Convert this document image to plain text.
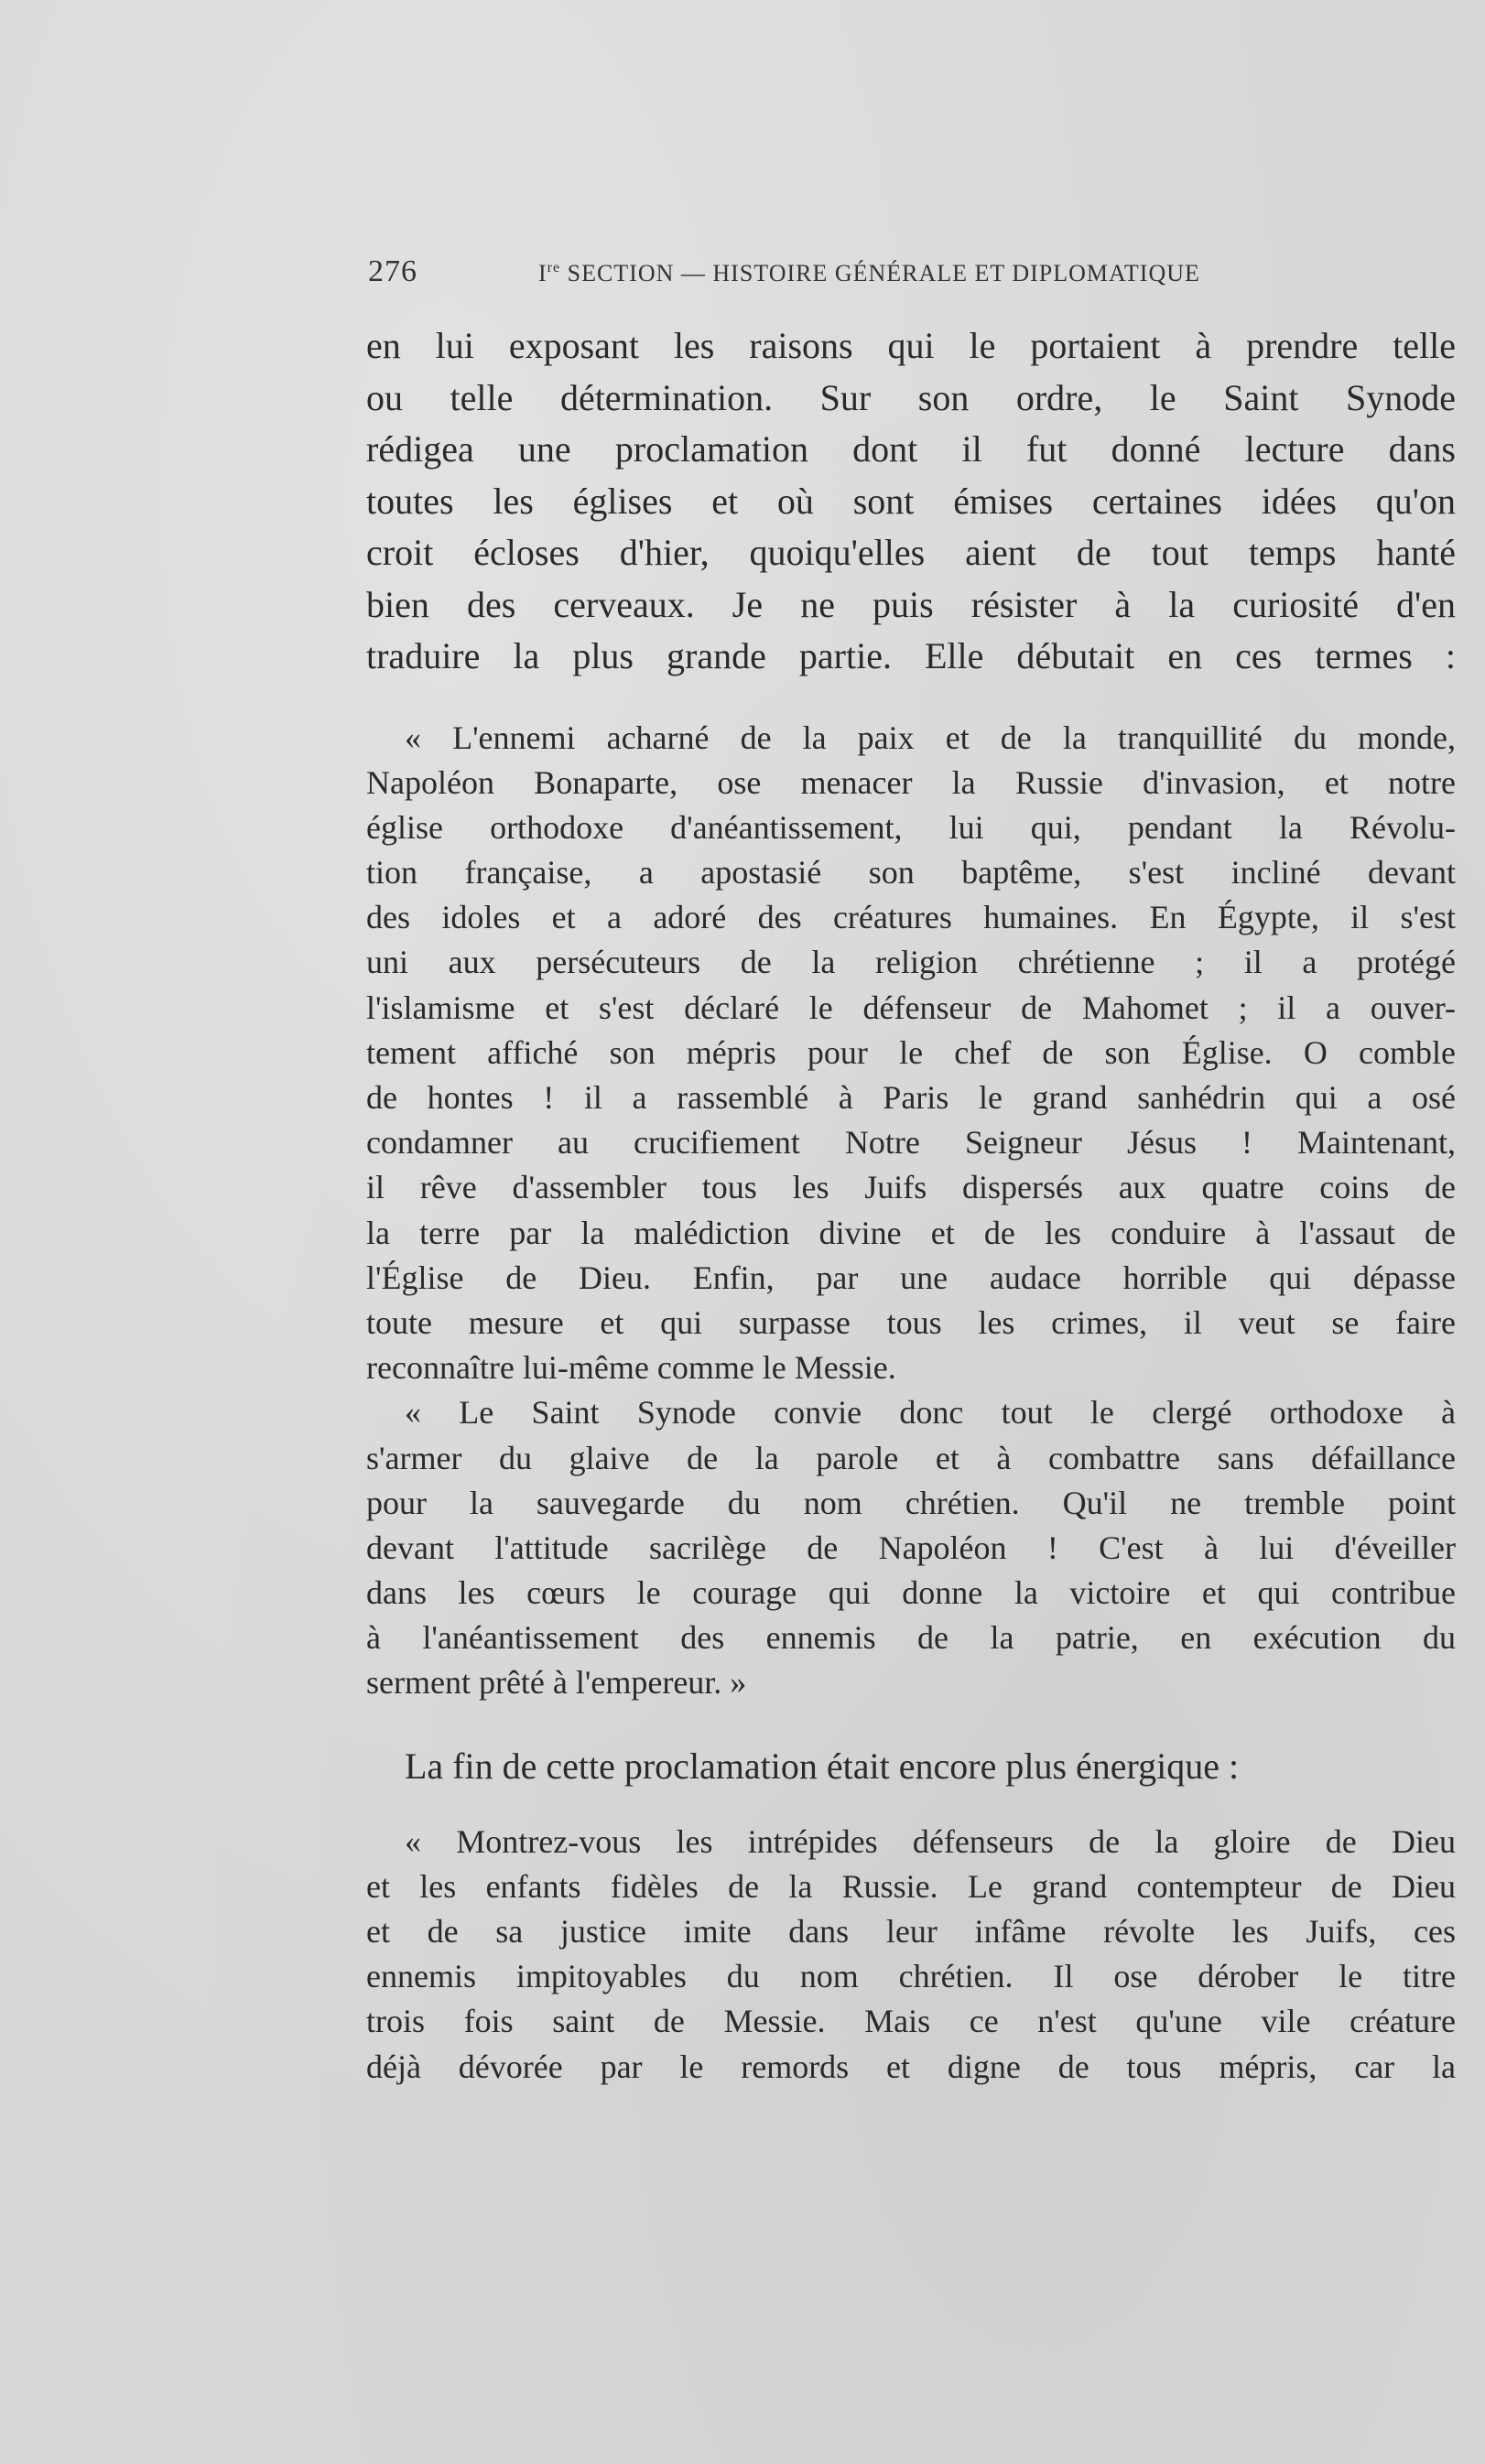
276	Ire SECTION — HISTOIRE GÉNÉRALE ET DIPLOMATIQUE
en lui exposant les raisons qui le portaient à prendre telle
ou telle détermination. Sur son ordre, le Saint Synode
rédigea une proclamation dont il fut donné lecture dans
toutes les églises et où sont émises certaines idées qu'on
croit écloses d'hier, quoiqu'elles aient de tout temps hanté
bien des cerveaux. Je ne puis résister à la curiosité d'en
traduire la plus grande partie. Elle débutait en ces termes :
« L'ennemi acharné de la paix et de la tranquillité du monde,
Napoléon Bonaparte, ose menacer la Russie d'invasion, et notre
église orthodoxe d'anéantissement, lui qui, pendant la Révolu-
tion française, a apostasié son baptême, s'est incliné devant
des idoles et a adoré des créatures humaines. En Égypte, il s'est
uni aux persécuteurs de la religion chrétienne ; il a protégé
l'islamisme et s'est déclaré le défenseur de Mahomet ; il a ouver-
tement affiché son mépris pour le chef de son Église. O comble
de hontes ! il a rassemblé à Paris le grand sanhédrin qui a osé
condamner au crucifiement Notre Seigneur Jésus ! Maintenant,
il rêve d'assembler tous les Juifs dispersés aux quatre coins de
la terre par la malédiction divine et de les conduire à l'assaut de
l'Église de Dieu. Enfin, par une audace horrible qui dépasse
toute mesure et qui surpasse tous les crimes, il veut se faire
reconnaître lui-même comme le Messie.
« Le Saint Synode convie donc tout le clergé orthodoxe à
s'armer du glaive de la parole et à combattre sans défaillance
pour la sauvegarde du nom chrétien. Qu'il ne tremble point
devant l'attitude sacrilège de Napoléon ! C'est à lui d'éveiller
dans les cœurs le courage qui donne la victoire et qui contribue
à l'anéantissement des ennemis de la patrie, en exécution du
serment prêté à l'empereur. »
La fin de cette proclamation était encore plus énergique :
« Montrez-vous les intrépides défenseurs de la gloire de Dieu
et les enfants fidèles de la Russie. Le grand contempteur de Dieu
et de sa justice imite dans leur infâme révolte les Juifs, ces
ennemis impitoyables du nom chrétien. Il ose dérober le titre
trois fois saint de Messie. Mais ce n'est qu'une vile créature
déjà dévorée par le remords et digne de tous mépris, car la
